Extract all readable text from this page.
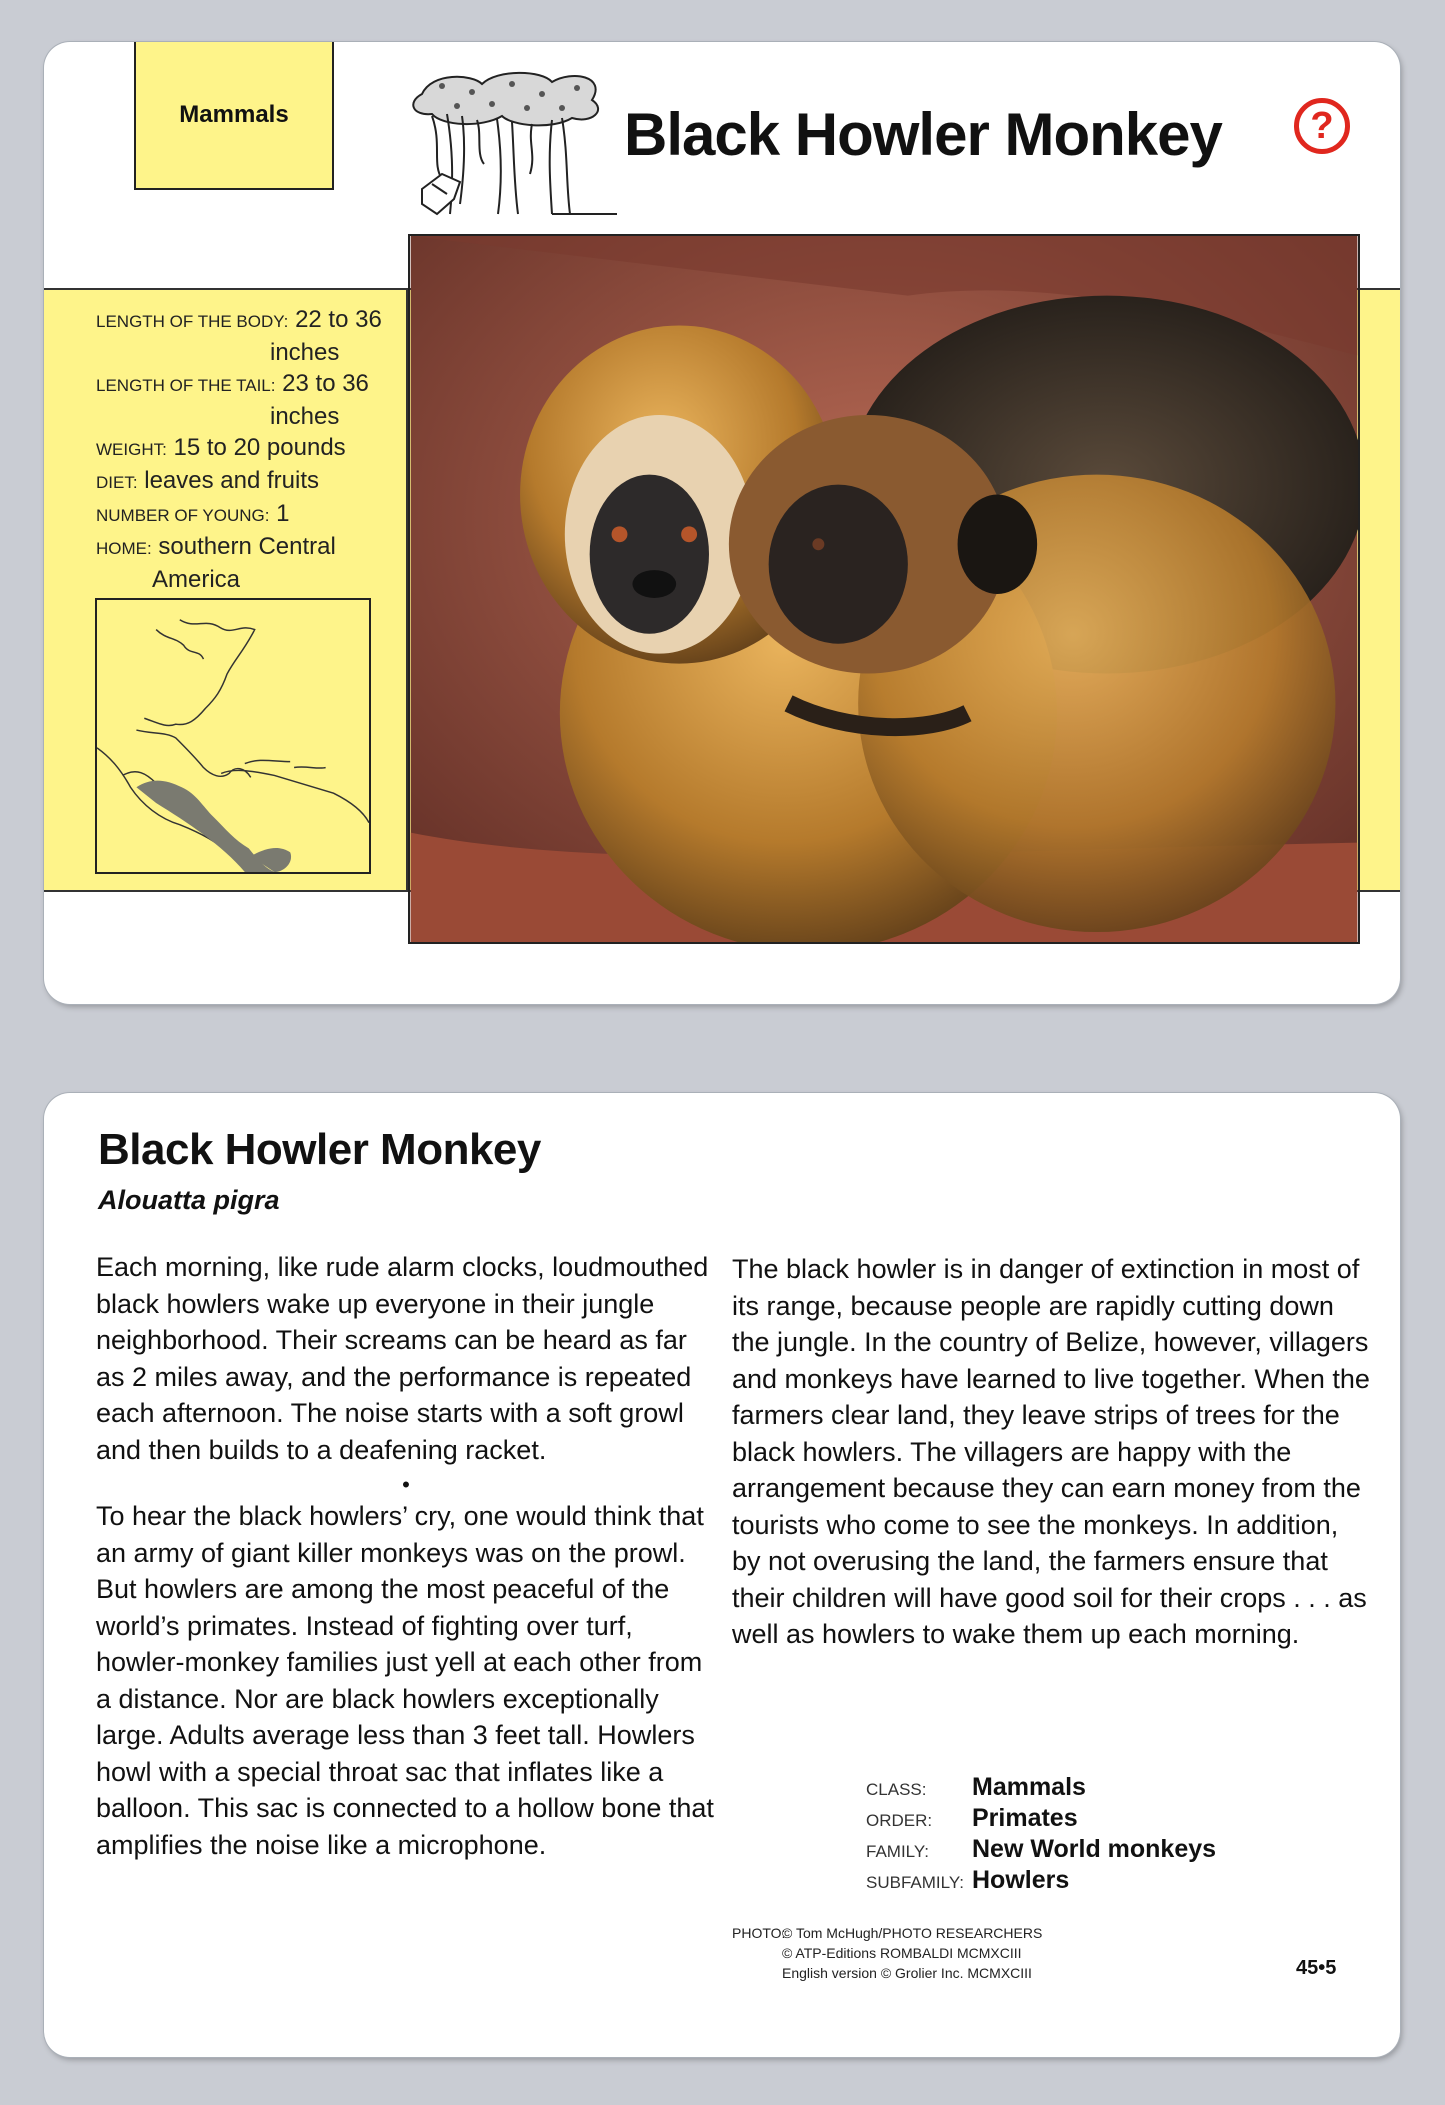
Mammals	Black Howler Monkey	?
LENGTH OF THE BODY: 22 to 36
inches
LENGTH OF THE TAIL: 23 to 36
inches
WEIGHT: 15 to 20 pounds
DIET: leaves and fruits
NUMBER OF YOUNG: 1
HOME: southern Central
America
Black Howler Monkey
Alouatta pigra

Each morning, like rude alarm clocks, loudmouthed black howlers wake up everyone in their jungle neighborhood. Their screams can be heard as far as 2 miles away, and the performance is repeated each afternoon. The noise starts with a soft growl and then builds to a deafening racket.

•

To hear the black howlers’ cry, one would think that an army of giant killer monkeys was on the prowl. But howlers are among the most peaceful of the world’s primates. Instead of fighting over turf, howler-monkey families just yell at each other from a distance. Nor are black howlers exceptionally large. Adults average less than 3 feet tall. Howlers howl with a special throat sac that inflates like a balloon. This sac is connected to a hollow bone that amplifies the noise like a microphone.

The black howler is in danger of extinction in most of its range, because people are rapidly cutting down the jungle. In the country of Belize, however, villagers and monkeys have learned to live together. When the farmers clear land, they leave strips of trees for the black howlers. The villagers are happy with the arrangement because they can earn money from the tourists who come to see the monkeys. In addition, by not overusing the land, the farmers ensure that their children will have good soil for their crops . . . as well as howlers to wake them up each morning.

CLASS:	Mammals
ORDER:	Primates
FAMILY:	New World monkeys
SUBFAMILY: Howlers
PHOTO:© Tom McHugh/PHOTO RESEARCHERS
© ATP-Editions ROMBALDI MCMXCIII
English version © Grolier Inc. MCMXCIII	45•5
